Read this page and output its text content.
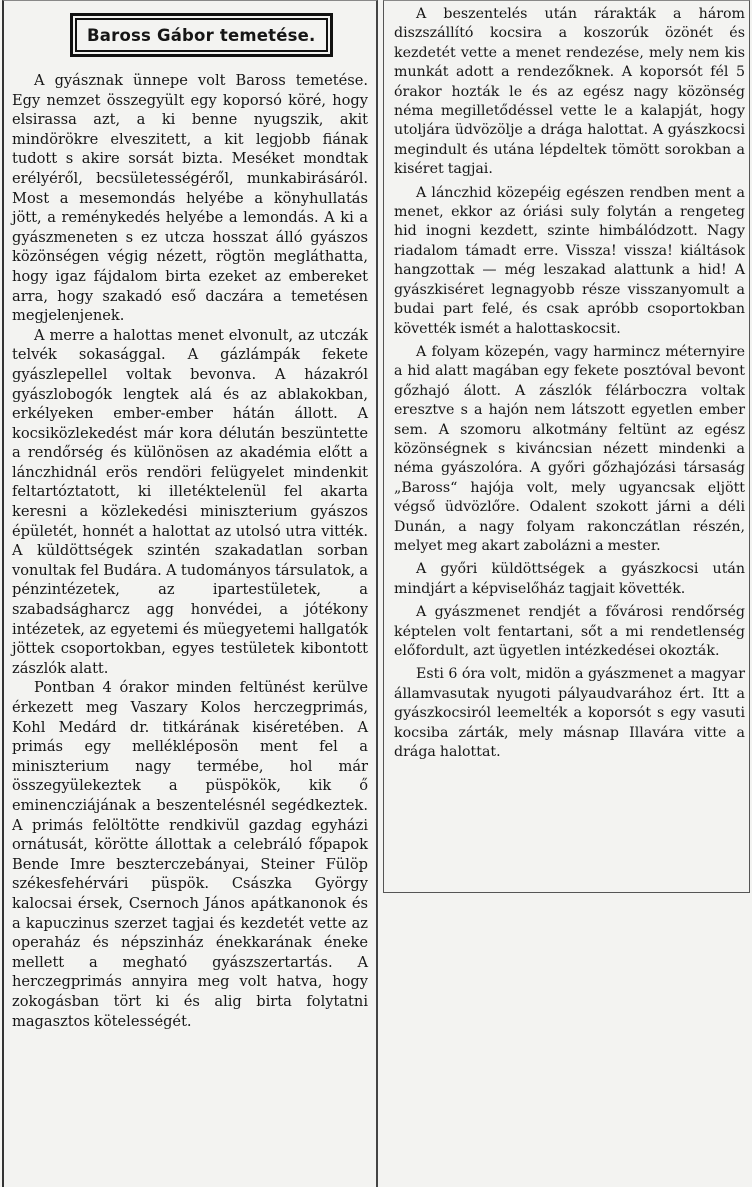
Baross Gábor temetése.

A gyásznak ünnepe volt Baross temetése. Egy nemzet összegyült egy koporsó köré, hogy elsirassa azt, a ki benne nyugszik, akit mindörökre elveszitett, a kit legjobb fiának tudott s akire sorsát bizta. Meséket mondtak erélyéről, becsületességéről, munkabirásáról. Most a mesemondás helyébe a könyhullatás jött, a reménykedés helyébe a lemondás. A ki a gyászmeneten s ez utcza hosszat álló gyászos közönségen végig nézett, rögtön megláthatta, hogy igaz fájdalom birta ezeket az embereket arra, hogy szakadó eső daczára a temetésen megjelenjenek.

A merre a halottas menet elvonult, az utczák telvék sokasággal. A gázlámpák fekete gyászlepellel voltak bevonva. A házakról gyászlobogók lengtek alá és az ablakokban, erkélyeken ember-ember hátán állott. A kocsiközlekedést már kora délután beszüntette a rendőrség és különösen az akadémia előtt a lánczhidnál erös rendöri felügyelet mindenkit feltartóztatott, ki illetéktelenül fel akarta keresni a közlekedési miniszterium gyászos épületét, honnét a halottat az utolsó utra vitték. A küldöttségek szintén szakadatlan sorban vonultak fel Budára. A tudományos társulatok, a pénzintézetek, az ipartestületek, a szabadságharcz agg honvédei, a jótékony intézetek, az egyetemi és müegyetemi hallgatók jöttek csoportokban, egyes testületek kibontott zászlók alatt.

Pontban 4 órakor minden feltünést kerülve érkezett meg Vaszary Kolos herczegprimás, Kohl Medárd dr. titkárának kiséretében. A primás egy mellékléposön ment fel a miniszterium nagy termébe, hol már összegyülekeztek a püspökök, kik ő eminencziájának a beszentelésnél segédkeztek. A primás felöltötte rendkivül gazdag egyházi ornátusát, körötte állottak a celebráló főpapok Bende Imre beszterczebányai, Steiner Fülöp székesfehérvári püspök. Császka György kalocsai érsek, Csernoch János apátkanonok és a kapuczinus szerzet tagjai és kezdetét vette az operaház és népszinház énekkarának éneke mellett a megható gyászszertartás. A herczegprimás annyira meg volt hatva, hogy zokogásban tört ki és alig birta folytatni magasztos kötelességét.

A beszentelés után rárakták a három diszszállító kocsira a koszorúk özönét és kezdetét vette a menet rendezése, mely nem kis munkát adott a rendezőknek. A koporsót fél 5 órakor hozták le és az egész nagy közönség néma megilletődéssel vette le a kalapját, hogy utoljára üdvözölje a drága halottat. A gyászkocsi megindult és utána lépdeltek tömött sorokban a kiséret tagjai.

A lánczhid közepéig egészen rendben ment a menet, ekkor az óriási suly folytán a rengeteg hid inogni kezdett, szinte himbálódzott. Nagy riadalom támadt erre. Vissza! vissza! kiáltások hangzottak — még leszakad alattunk a hid! A gyászkiséret legnagyobb része visszanyomult a budai part felé, és csak apróbb csoportokban követték ismét a halottaskocsit.

A folyam közepén, vagy harmincz méternyire a hid alatt magában egy fekete posztóval bevont gőzhajó álott. A zászlók félárboczra voltak eresztve s a hajón nem látszott egyetlen ember sem. A szomoru alkotmány feltünt az egész közönségnek s kiváncsian nézett mindenki a néma gyászolóra. A győri gőzhajózási társaság „Baross“ hajója volt, mely ugyancsak eljött végső üdvözlőre. Odalent szokott járni a déli Dunán, a nagy folyam rakonczátlan részén, melyet meg akart zabolázni a mester.

A győri küldöttségek a gyászkocsi után mindjárt a képviselőház tagjait követték.

A gyászmenet rendjét a fővárosi rendőrség képtelen volt fentartani, sőt a mi rendetlenség előfordult, azt ügyetlen intézkedései okozták.

Esti 6 óra volt, midön a gyászmenet a magyar államvasutak nyugoti pályaudvarához ért. Itt a gyászkocsiról leemelték a koporsót s egy vasuti kocsiba zárták, mely másnap Illavára vitte a drága halottat.
